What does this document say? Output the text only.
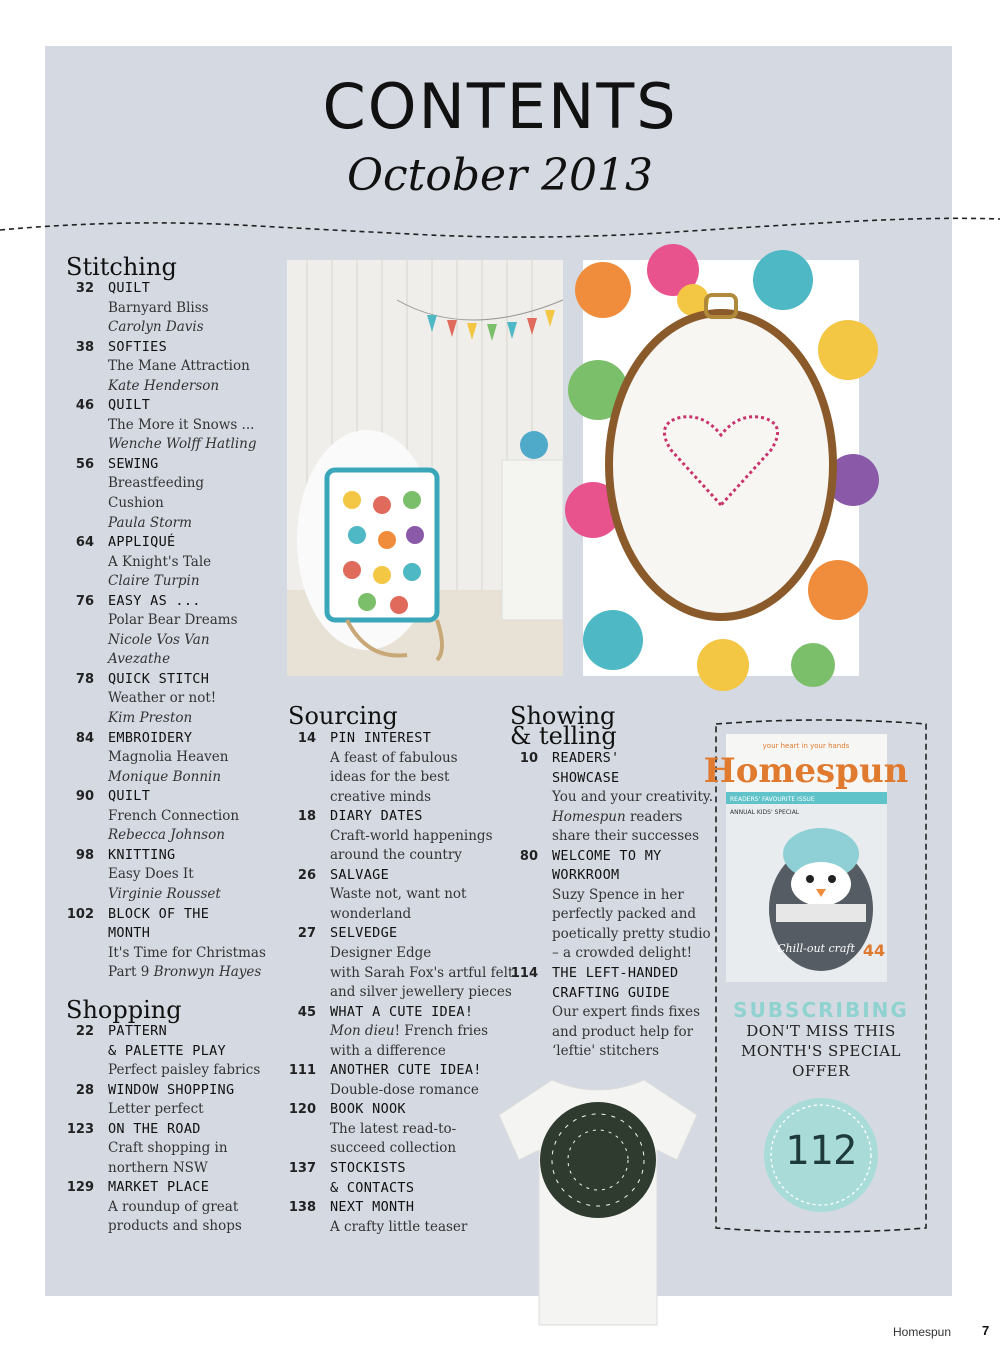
CONTENTS
October 2013
Stitching
32 QUILT
Barnyard Bliss
Carolyn Davis
38 SOFTIES
The Mane Attraction
Kate Henderson
46 QUILT
The More it Snows ...
Wenche Wolff Hatling
56 SEWING
Breastfeeding
Cushion
Paula Storm
64 APPLIQUÉ
A Knight's Tale
Claire Turpin
76 EASY AS ...
Polar Bear Dreams
Nicole Vos Van Avezathe
78 QUICK STITCH
Weather or not!
Kim Preston
84 EMBROIDERY
Magnolia Heaven
Monique Bonnin
90 QUILT
French Connection
Rebecca Johnson
98 KNITTING
Easy Does It
Virginie Rousset
102 BLOCK OF THE
MONTH
It's Time for Christmas
Part 9 Bronwyn Hayes
Shopping
22 PATTERN
& PALETTE PLAY
Perfect paisley fabrics
28 WINDOW SHOPPING
Letter perfect
123 ON THE ROAD
Craft shopping in
northern NSW
129 MARKET PLACE
A roundup of great
products and shops
Sourcing
14 PIN INTEREST
A feast of fabulous
ideas for the best
creative minds
18 DIARY DATES
Craft-world happenings
around the country
26 SALVAGE
Waste not, want not
wonderland
27 SELVEDGE
Designer Edge
with Sarah Fox's artful felt
and silver jewellery pieces
45 WHAT A CUTE IDEA!
Mon dieu! French fries
with a difference
111 ANOTHER CUTE IDEA!
Double-dose romance
120 BOOK NOOK
The latest read-to-
succeed collection
137 STOCKISTS
& CONTACTS
138 NEXT MONTH
A crafty little teaser
Showing
& telling
10 READERS'
SHOWCASE
You and your creativity.
Homespun readers
share their successes
80 WELCOME TO MY
WORKROOM
Suzy Spence in her
perfectly packed and
poetically pretty studio
– a crowded delight!
114 THE LEFT-HANDED
CRAFTING GUIDE
Our expert finds fixes
and product help for
‘leftie' stitchers
your heart in your hands
Homespun
READERS' FAVOURITE ISSUE
ANNUAL KIDS' SPECIAL
Chill-out craft 44
SUBSCRIBING
DON'T MISS THIS
MONTH'S SPECIAL
OFFER
112
Homespun 7
